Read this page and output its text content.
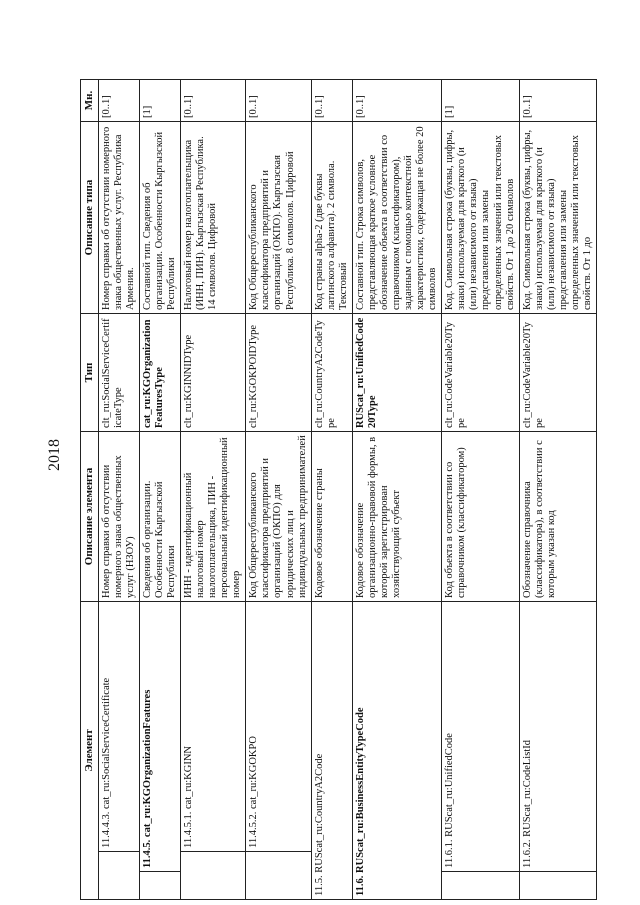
2018
Элемент			Описание элемента	Тип	Описание типа	Мн.
		11.4.4.3. cat_ru:SocialServiceCertificate	Номер справки об отсутствии номерного знака общественных услуг (НЗОУ)	clt_ru:SocialServiceCertificateType	Номер справки об отсутствии номерного знака общественных услуг. Республика Армения.	[0..1]
	11.4.5. cat_ru:KGOrganizationFeatures		Сведения об организации. Особенности Кыргызской Республики	cat_ru:KGOrganizationFeaturesType	Составной тип. Сведения об организации. Особенности Кыргызской Республики	[1]
		11.4.5.1. cat_ru:KGINN	ИНН - идентификационный налоговый номер налогоплательщика, ПИН - персональный идентификационный номер	clt_ru:KGINNIDType	Налоговый номер налогоплательщика (ИНН, ПИН). Кыргызская Республика. 14 символов. Цифровой	[0..1]
		11.4.5.2. cat_ru:KGOKPO	Код Общереспубликанского классификатора предприятий и организаций (ОКПО) для юридических лиц и индивидуальных предпринимателей	clt_ru:KGOKPOIDType	Код Общереспубликанского классификатора предприятий и организаций (ОКПО). Кыргызская Республика. 8 символов. Цифровой	[0..1]
11.5. RUScat_ru:CountryA2Code			Кодовое обозначение страны	clt_ru:CountryA2CodeType	Код страны alpha-2 (две буквы латинского алфавита). 2 символа. Текстовый	[0..1]
11.6. RUScat_ru:BusinessEntityTypeCode			Кодовое обозначение организационно-правовой формы, в которой зарегистрирован хозяйствующий субъект	RUScat_ru:UnifiedCode20Type	Составной тип. Строка символов, представляющая краткое условное обозначение объекта в соответствии со справочником (классификатором), заданным с помощью контекстной характеристики, содержащая не более 20 символов	[0..1]
	11.6.1. RUScat_ru:UnifiedCode		Код объекта в соответствии со справочником (классификатором)	clt_ru:CodeVariable20Type	Код. Символьная строка (буквы, цифры, знаки) используемая для краткого (и (или) независимого от языка) представления или замены определенных значений или текстовых свойств. От 1 до 20 символов	[1]
	11.6.2. RUScat_ru:CodeListId		Обозначение справочника (классификатора), в соответствии с которым указан код	clt_ru:CodeVariable20Type	Код. Символьная строка (буквы, цифры, знаки) используемая для краткого (и (или) независимого от языка) представления или замены определенных значений или текстовых свойств. От 1 до	[0..1]
